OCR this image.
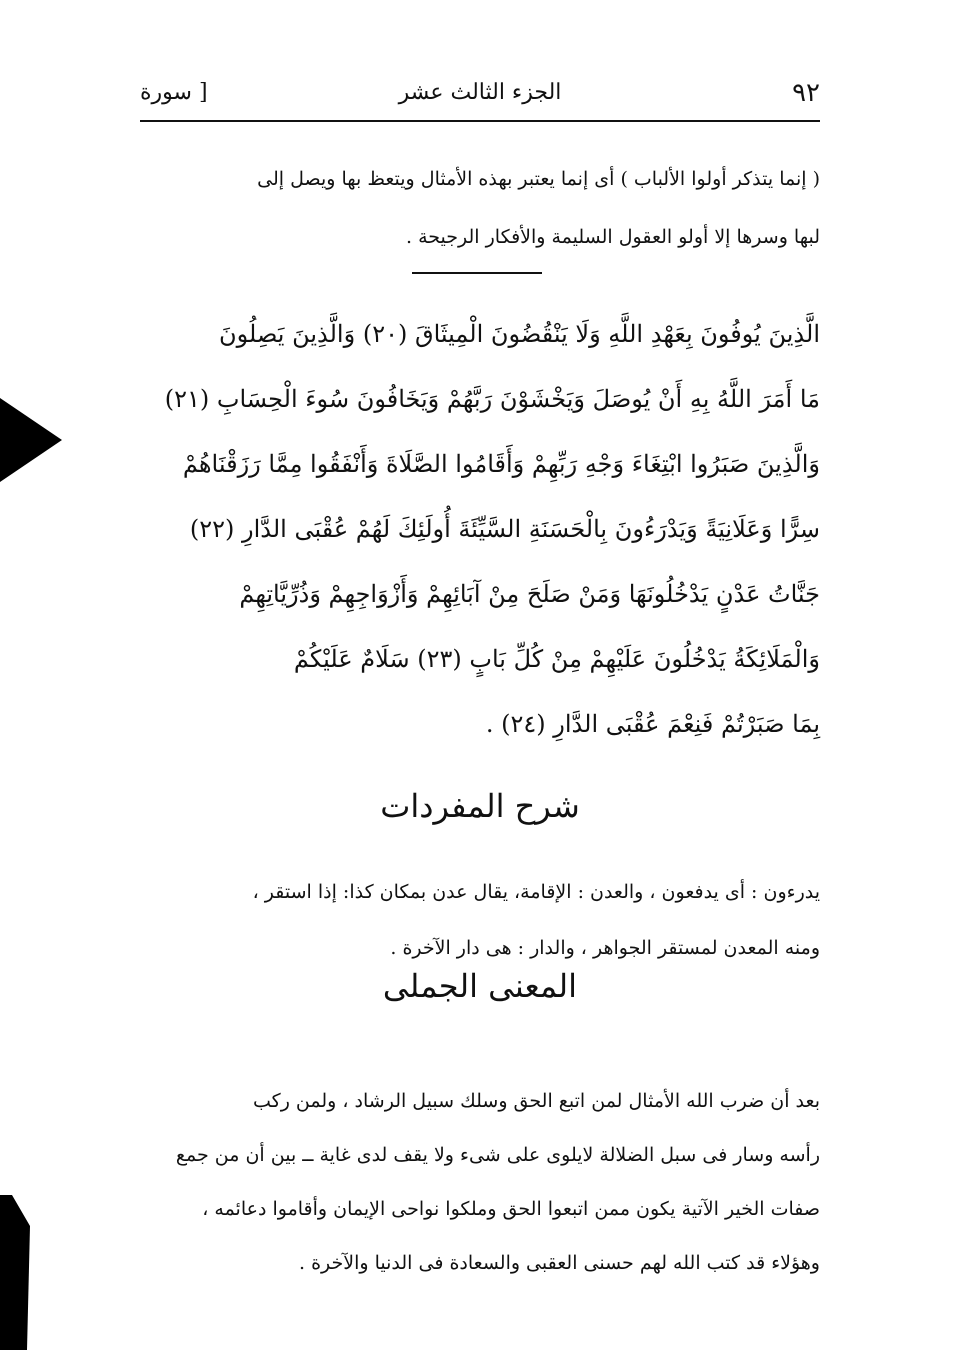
٩٢
الجزء الثالث عشر
[ سورة
( إنما يتذكر أولوا الألباب ) أى إنما يعتبر بهذه الأمثال ويتعظ بها ويصل إلى
لبها وسرها إلا أولو العقول السليمة والأفكار الرجيحة .
الَّذِينَ يُوفُونَ بِعَهْدِ اللَّهِ وَلَا يَنْقُضُونَ الْمِيثَاقَ (٢٠) وَالَّذِينَ يَصِلُونَ
مَا أَمَرَ اللَّهُ بِهِ أَنْ يُوصَلَ وَيَخْشَوْنَ رَبَّهُمْ وَيَخَافُونَ سُوءَ الْحِسَابِ (٢١)
وَالَّذِينَ صَبَرُوا ابْتِغَاءَ وَجْهِ رَبِّهِمْ وَأَقَامُوا الصَّلَاةَ وَأَنْفَقُوا مِمَّا رَزَقْنَاهُمْ
سِرًّا وَعَلَانِيَةً وَيَدْرَءُونَ بِالْحَسَنَةِ السَّيِّئَةَ أُولَئِكَ لَهُمْ عُقْبَى الدَّارِ (٢٢)
جَنَّاتُ عَدْنٍ يَدْخُلُونَهَا وَمَنْ صَلَحَ مِنْ آبَائِهِمْ وَأَزْوَاجِهِمْ وَذُرِّيَّاتِهِمْ
وَالْمَلَائِكَةُ يَدْخُلُونَ عَلَيْهِمْ مِنْ كُلِّ بَابٍ (٢٣) سَلَامٌ عَلَيْكُمْ
بِمَا صَبَرْتُمْ فَنِعْمَ عُقْبَى الدَّارِ (٢٤) .
شرح المفردات
يدرءون : أى يدفعون ، والعدن : الإقامة، يقال عدن بمكان كذا: إذا استقر ،
ومنه المعدن لمستقر الجواهر ، والدار : هى دار الآخرة .
المعنى الجملى
بعد أن ضرب الله الأمثال لمن اتبع الحق وسلك سبيل الرشاد ، ولمن ركب
رأسه وسار فى سبل الضلالة لايلوى على شىء ولا يقف لدى غاية ــ بين أن من جمع
صفات الخير الآتية يكون ممن اتبعوا الحق وملكوا نواحى الإيمان وأقاموا دعائمه ،
وهؤلاء قد كتب الله لهم حسنى العقبى والسعادة فى الدنيا والآخرة .
